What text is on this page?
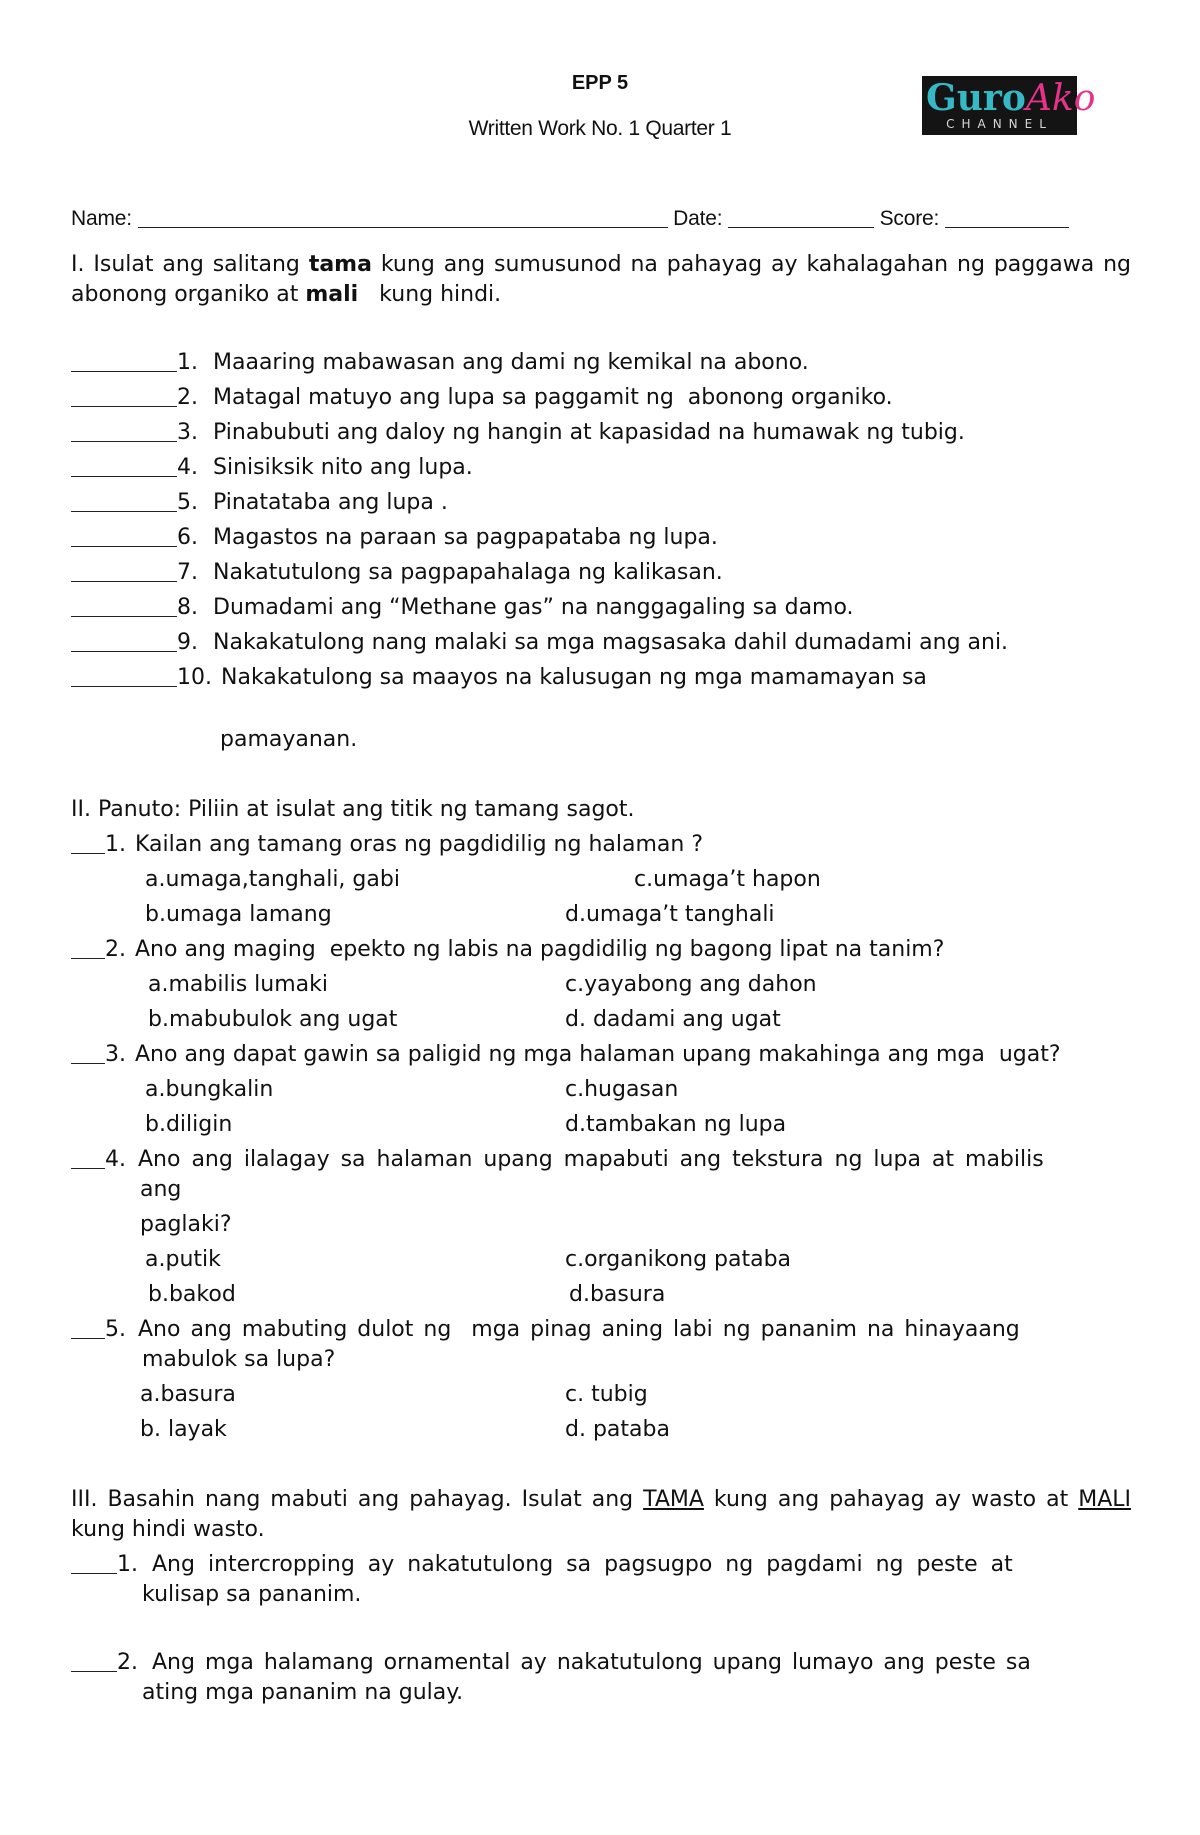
EPP 5
Written Work No. 1 Quarter 1
GuroAko
CHANNEL
Name:	Date:	Score:
I. Isulat ang salitang tama kung ang sumusunod na pahayag ay kahalagahan ng paggawa ng abonong organiko at mali   kung hindi.
1. Maaaring mabawasan ang dami ng kemikal na abono.
2. Matagal matuyo ang lupa sa paggamit ng  abonong organiko.
3. Pinabubuti ang daloy ng hangin at kapasidad na humawak ng tubig.
4. Sinisiksik nito ang lupa.
5. Pinatataba ang lupa .
6. Magastos na paraan sa pagpapataba ng lupa.
7. Nakatutulong sa pagpapahalaga ng kalikasan.
8. Dumadami ang “Methane gas” na nanggagaling sa damo.
9. Nakakatulong nang malaki sa mga magsasaka dahil dumadami ang ani.
10. Nakakatulong sa maayos na kalusugan ng mga mamamayan sa
pamayanan.
II. Panuto: Piliin at isulat ang titik ng tamang sagot.
1. Kailan ang tamang oras ng pagdidilig ng halaman ?
a.umaga,tanghali, gabi	c.umaga’t hapon
b.umaga lamang	d.umaga’t tanghali
2. Ano ang maging  epekto ng labis na pagdidilig ng bagong lipat na tanim?
a.mabilis lumaki	c.yayabong ang dahon
b.mabubulok ang ugat	d. dadami ang ugat
3. Ano ang dapat gawin sa paligid ng mga halaman upang makahinga ang mga  ugat?
a.bungkalin	c.hugasan
b.diligin	d.tambakan ng lupa
4. Ano ang ilalagay sa halaman upang mapabuti ang tekstura ng lupa at mabilis
ang
paglaki?
a.putik	c.organikong pataba
b.bakod	d.basura
5. Ano ang mabuting dulot ng  mga pinag aning labi ng pananim na hinayaang
mabulok sa lupa?
a.basura	c. tubig
b. layak	d. pataba
III. Basahin nang mabuti ang pahayag. Isulat ang TAMA kung ang pahayag ay wasto at MALI kung hindi wasto.
1. Ang intercropping ay nakatutulong sa pagsugpo ng pagdami ng peste at
kulisap sa pananim.
2. Ang mga halamang ornamental ay nakatutulong upang lumayo ang peste sa
ating mga pananim na gulay.
